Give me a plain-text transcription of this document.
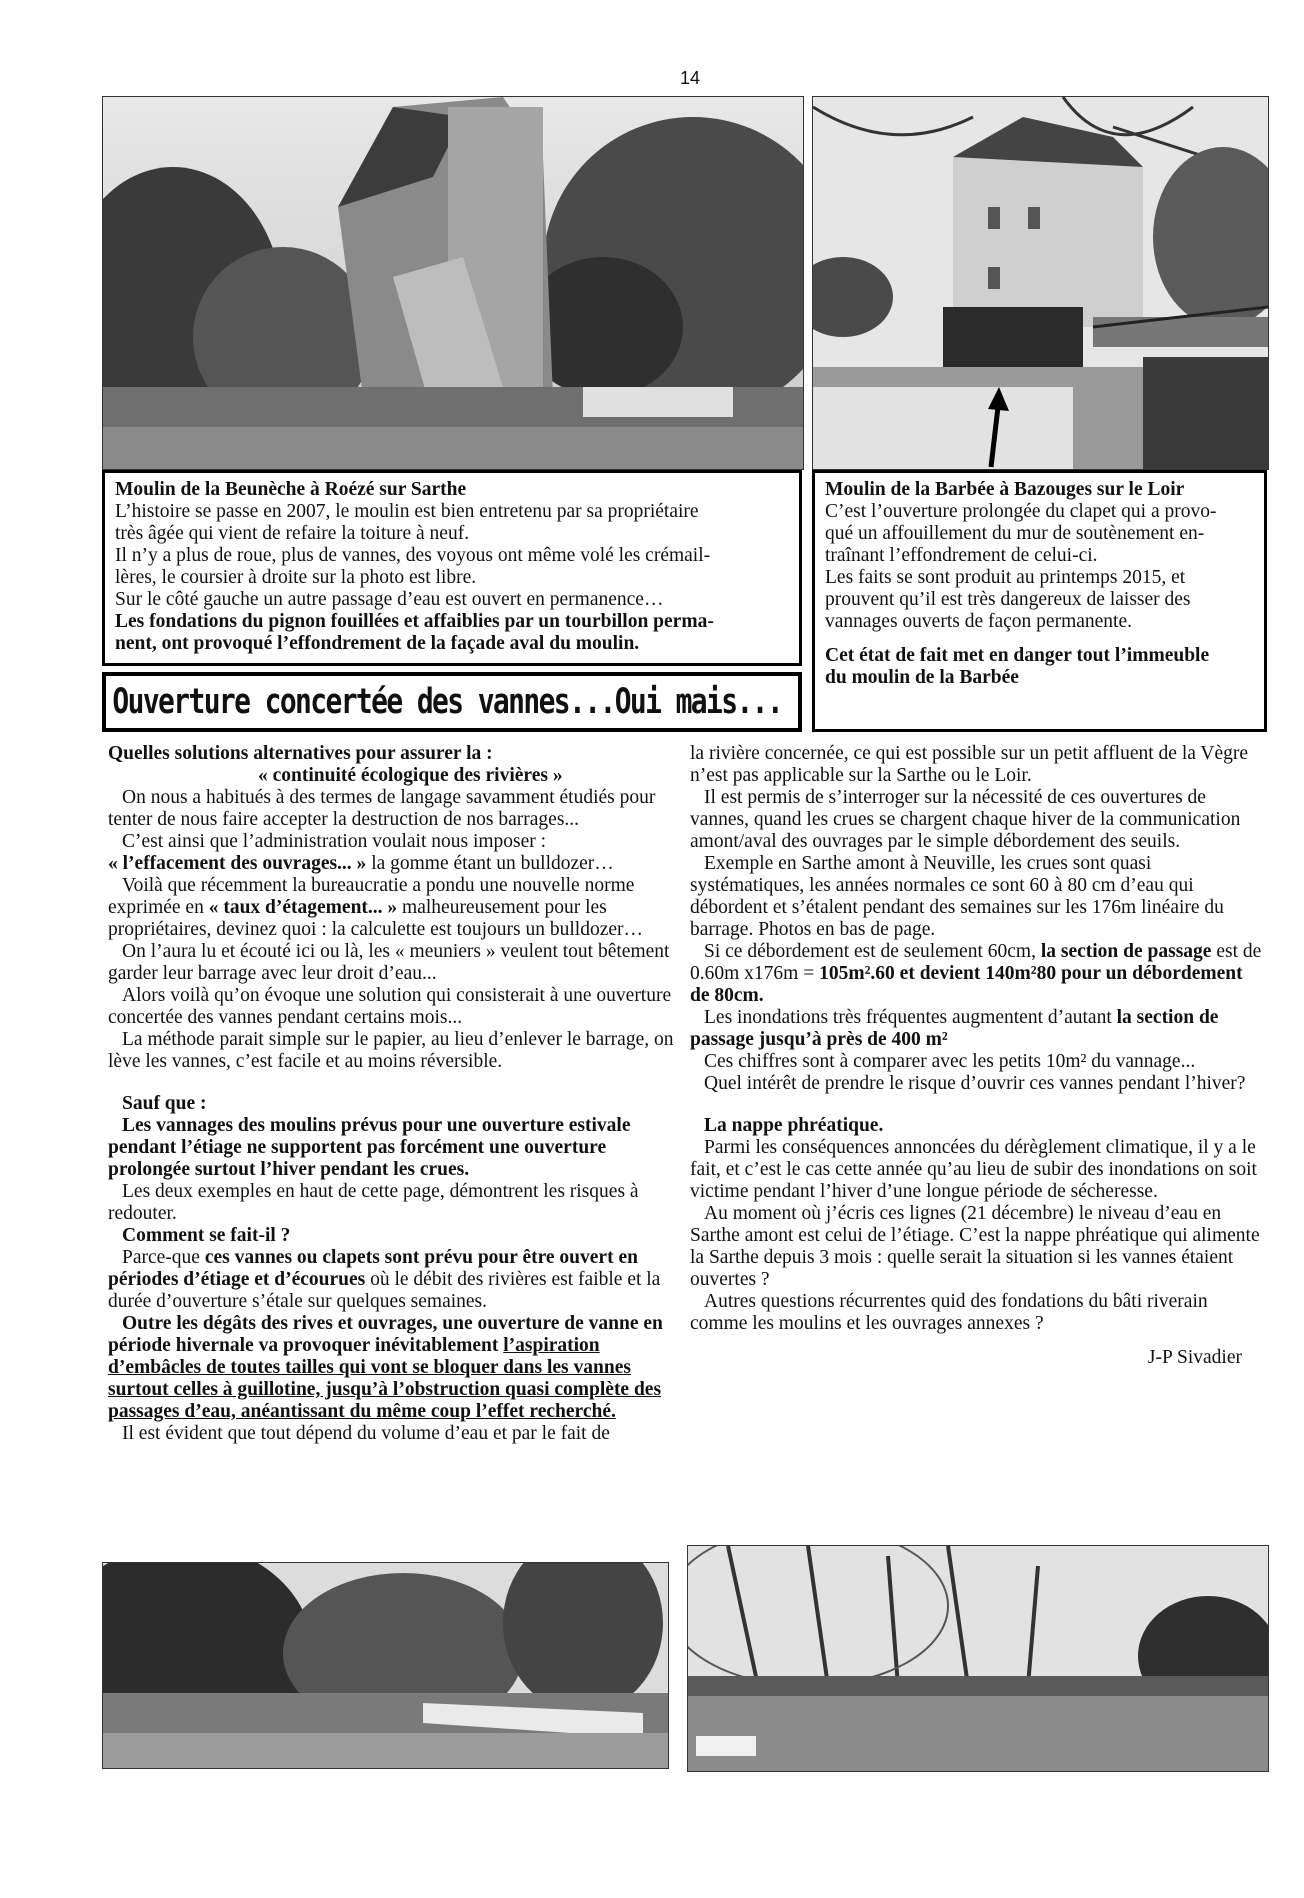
14

Moulin de la Beunèche à Roézé sur Sarthe

L’histoire se passe en 2007, le moulin est bien entretenu par sa propriétaire

très âgée qui vient de refaire la toiture à neuf.

Il n’y a plus de roue, plus de vannes, des voyous ont même volé les crémail-

lères, le coursier à droite sur la photo est libre.

Sur le côté gauche un autre passage d’eau est ouvert en permanence…

Les fondations du pignon fouillées et affaiblies par un tourbillon perma-

nent, ont provoqué l’effondrement de la façade aval du moulin.

Moulin de la Barbée à Bazouges sur le Loir

C’est l’ouverture prolongée du clapet qui a provo-

qué un affouillement du mur de soutènement en-

traînant l’effondrement de celui-ci.

Les faits se sont produit au printemps 2015, et

prouvent qu’il est très dangereux de laisser des

vannages ouverts de façon permanente.

Cet état de fait met en danger tout l’immeuble

du moulin de la Barbée

Ouverture concertée des vannes...Oui mais...

Quelles solutions alternatives pour assurer la :

« continuité écologique des rivières »

On nous a habitués à des termes de langage savamment étudiés pour tenter de nous faire accepter la destruction de nos barrages...

C’est ainsi que l’administration voulait nous imposer :

« l’effacement des ouvrages... » la gomme étant un bulldozer…

Voilà que récemment la bureaucratie a pondu une nouvelle norme exprimée en « taux d’étagement... » malheureusement pour les propriétaires, devinez quoi : la calculette est toujours un bulldozer…

On l’aura lu et écouté ici ou là, les « meuniers » veulent tout bêtement garder leur barrage avec leur droit d’eau...

Alors voilà qu’on évoque une solution qui consisterait à une ouverture concertée des vannes pendant certains mois...

La méthode parait simple sur le papier, au lieu d’enlever le barrage, on lève les vannes, c’est facile et au moins réversible.

Sauf que :

Les vannages des moulins prévus pour une ouverture estivale pendant l’étiage ne supportent pas forcément une ouverture prolongée surtout l’hiver pendant les crues.

Les deux exemples en haut de cette page, démontrent les risques à redouter.

Comment se fait-il ?

Parce-que ces vannes ou clapets sont prévu pour être ouvert en périodes d’étiage et d’écourues où le débit des rivières est faible et la durée d’ouverture s’étale sur quelques semaines.

Outre les dégâts des rives et ouvrages, une ouverture de vanne en période hivernale va provoquer inévitablement l’aspiration d’embâcles de toutes tailles qui vont se bloquer dans les vannes surtout celles à guillotine, jusqu’à l’obstruction quasi complète des passages d’eau, anéantissant du même coup l’effet recherché.

Il est évident que tout dépend du volume d’eau et par le fait de

la rivière concernée, ce qui est possible sur un petit affluent de la Vègre n’est pas applicable sur la Sarthe ou le Loir.

Il est permis de s’interroger sur la nécessité de ces ouvertures de vannes, quand les crues se chargent chaque hiver de la communication amont/aval des ouvrages par le simple débordement des seuils.

Exemple en Sarthe amont à Neuville, les crues sont quasi systématiques, les années normales ce sont 60 à 80 cm d’eau qui débordent et s’étalent pendant des semaines sur les 176m linéaire du barrage. Photos en bas de page.

Si ce débordement est de seulement 60cm, la section de passage est de 0.60m x176m = 105m².60 et devient 140m²80 pour un débordement de 80cm.

Les inondations très fréquentes augmentent d’autant la section de passage jusqu’à près de 400 m²

Ces chiffres sont à comparer avec les petits 10m² du vannage...

Quel intérêt de prendre le risque d’ouvrir ces vannes pendant l’hiver?

La nappe phréatique.

Parmi les conséquences annoncées du dérèglement climatique, il y a le fait, et c’est le cas cette année qu’au lieu de subir des inondations on soit victime pendant l’hiver d’une longue période de sécheresse.

Au moment où j’écris ces lignes (21 décembre) le niveau d’eau en Sarthe amont est celui de l’étiage. C’est la nappe phréatique qui alimente la Sarthe depuis 3 mois : quelle serait la situation si les vannes étaient ouvertes ?

Autres questions récurrentes quid des fondations du bâti riverain comme les moulins et les ouvrages annexes ?

J-P Sivadier
